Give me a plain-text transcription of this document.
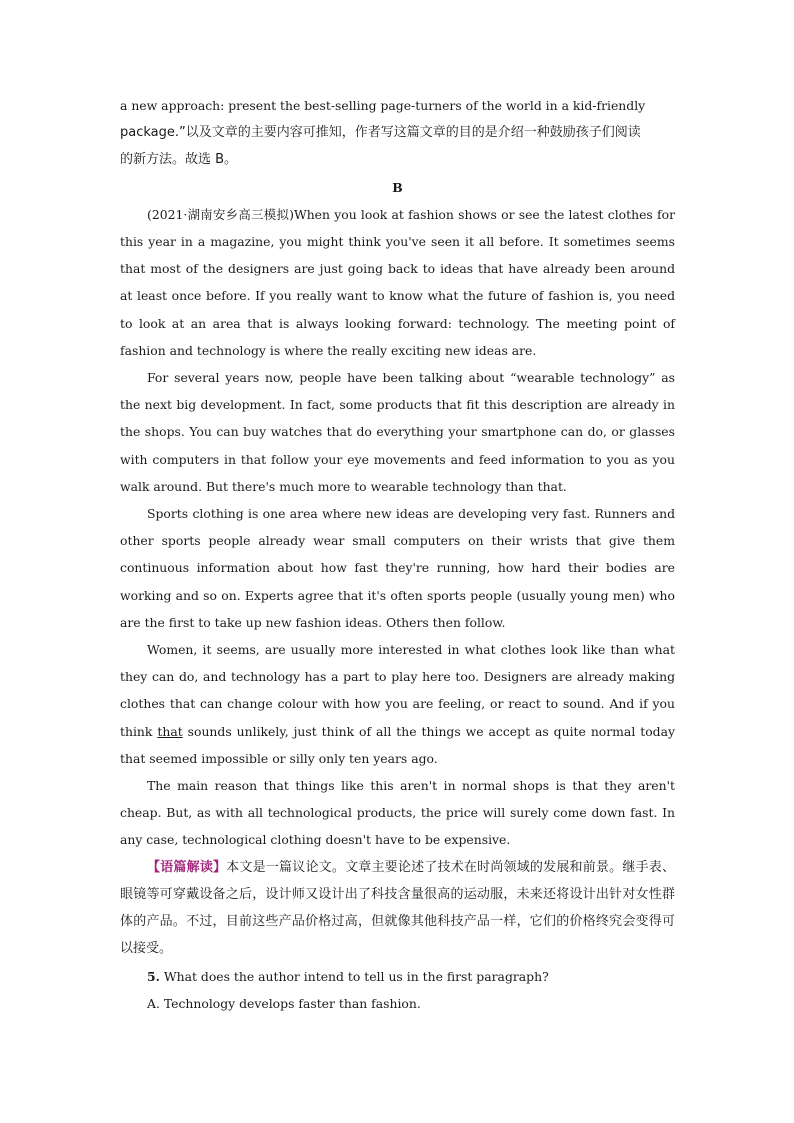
a new approach: present the best-selling page-turners of the world in a kid-friendly

package.”以及文章的主要内容可推知，作者写这篇文章的目的是介绍一种鼓励孩子们阅读

的新方法。故选 B。

B

(2021·湖南安乡高三模拟)When you look at fashion shows or see the latest clothes for this year in a magazine, you might think you've seen it all before. It sometimes seems that most of the designers are just going back to ideas that have already been around at least once before. If you really want to know what the future of fashion is, you need to look at an area that is always looking forward: technology. The meeting point of fashion and technology is where the really exciting new ideas are.

For several years now, people have been talking about “wearable technology” as the next big development. In fact, some products that fit this description are already in the shops. You can buy watches that do everything your smartphone can do, or glasses with computers in that follow your eye movements and feed information to you as you walk around. But there's much more to wearable technology than that.

Sports clothing is one area where new ideas are developing very fast. Runners and other sports people already wear small computers on their wrists that give them continuous information about how fast they're running, how hard their bodies are working and so on. Experts agree that it's often sports people (usually young men) who are the first to take up new fashion ideas. Others then follow.

Women, it seems, are usually more interested in what clothes look like than what they can do, and technology has a part to play here too. Designers are already making clothes that can change colour with how you are feeling, or react to sound. And if you think that sounds unlikely, just think of all the things we accept as quite normal today that seemed impossible or silly only ten years ago.

The main reason that things like this aren't in normal shops is that they aren't cheap. But, as with all technological products, the price will surely come down fast. In any case, technological clothing doesn't have to be expensive.

【语篇解读】本文是一篇议论文。文章主要论述了技术在时尚领域的发展和前景。继手表、眼镜等可穿戴设备之后，设计师又设计出了科技含量很高的运动服，未来还将设计出针对女性群体的产品。不过，目前这些产品价格过高，但就像其他科技产品一样，它们的价格终究会变得可以接受。

5. What does the author intend to tell us in the first paragraph?

A. Technology develops faster than fashion.
